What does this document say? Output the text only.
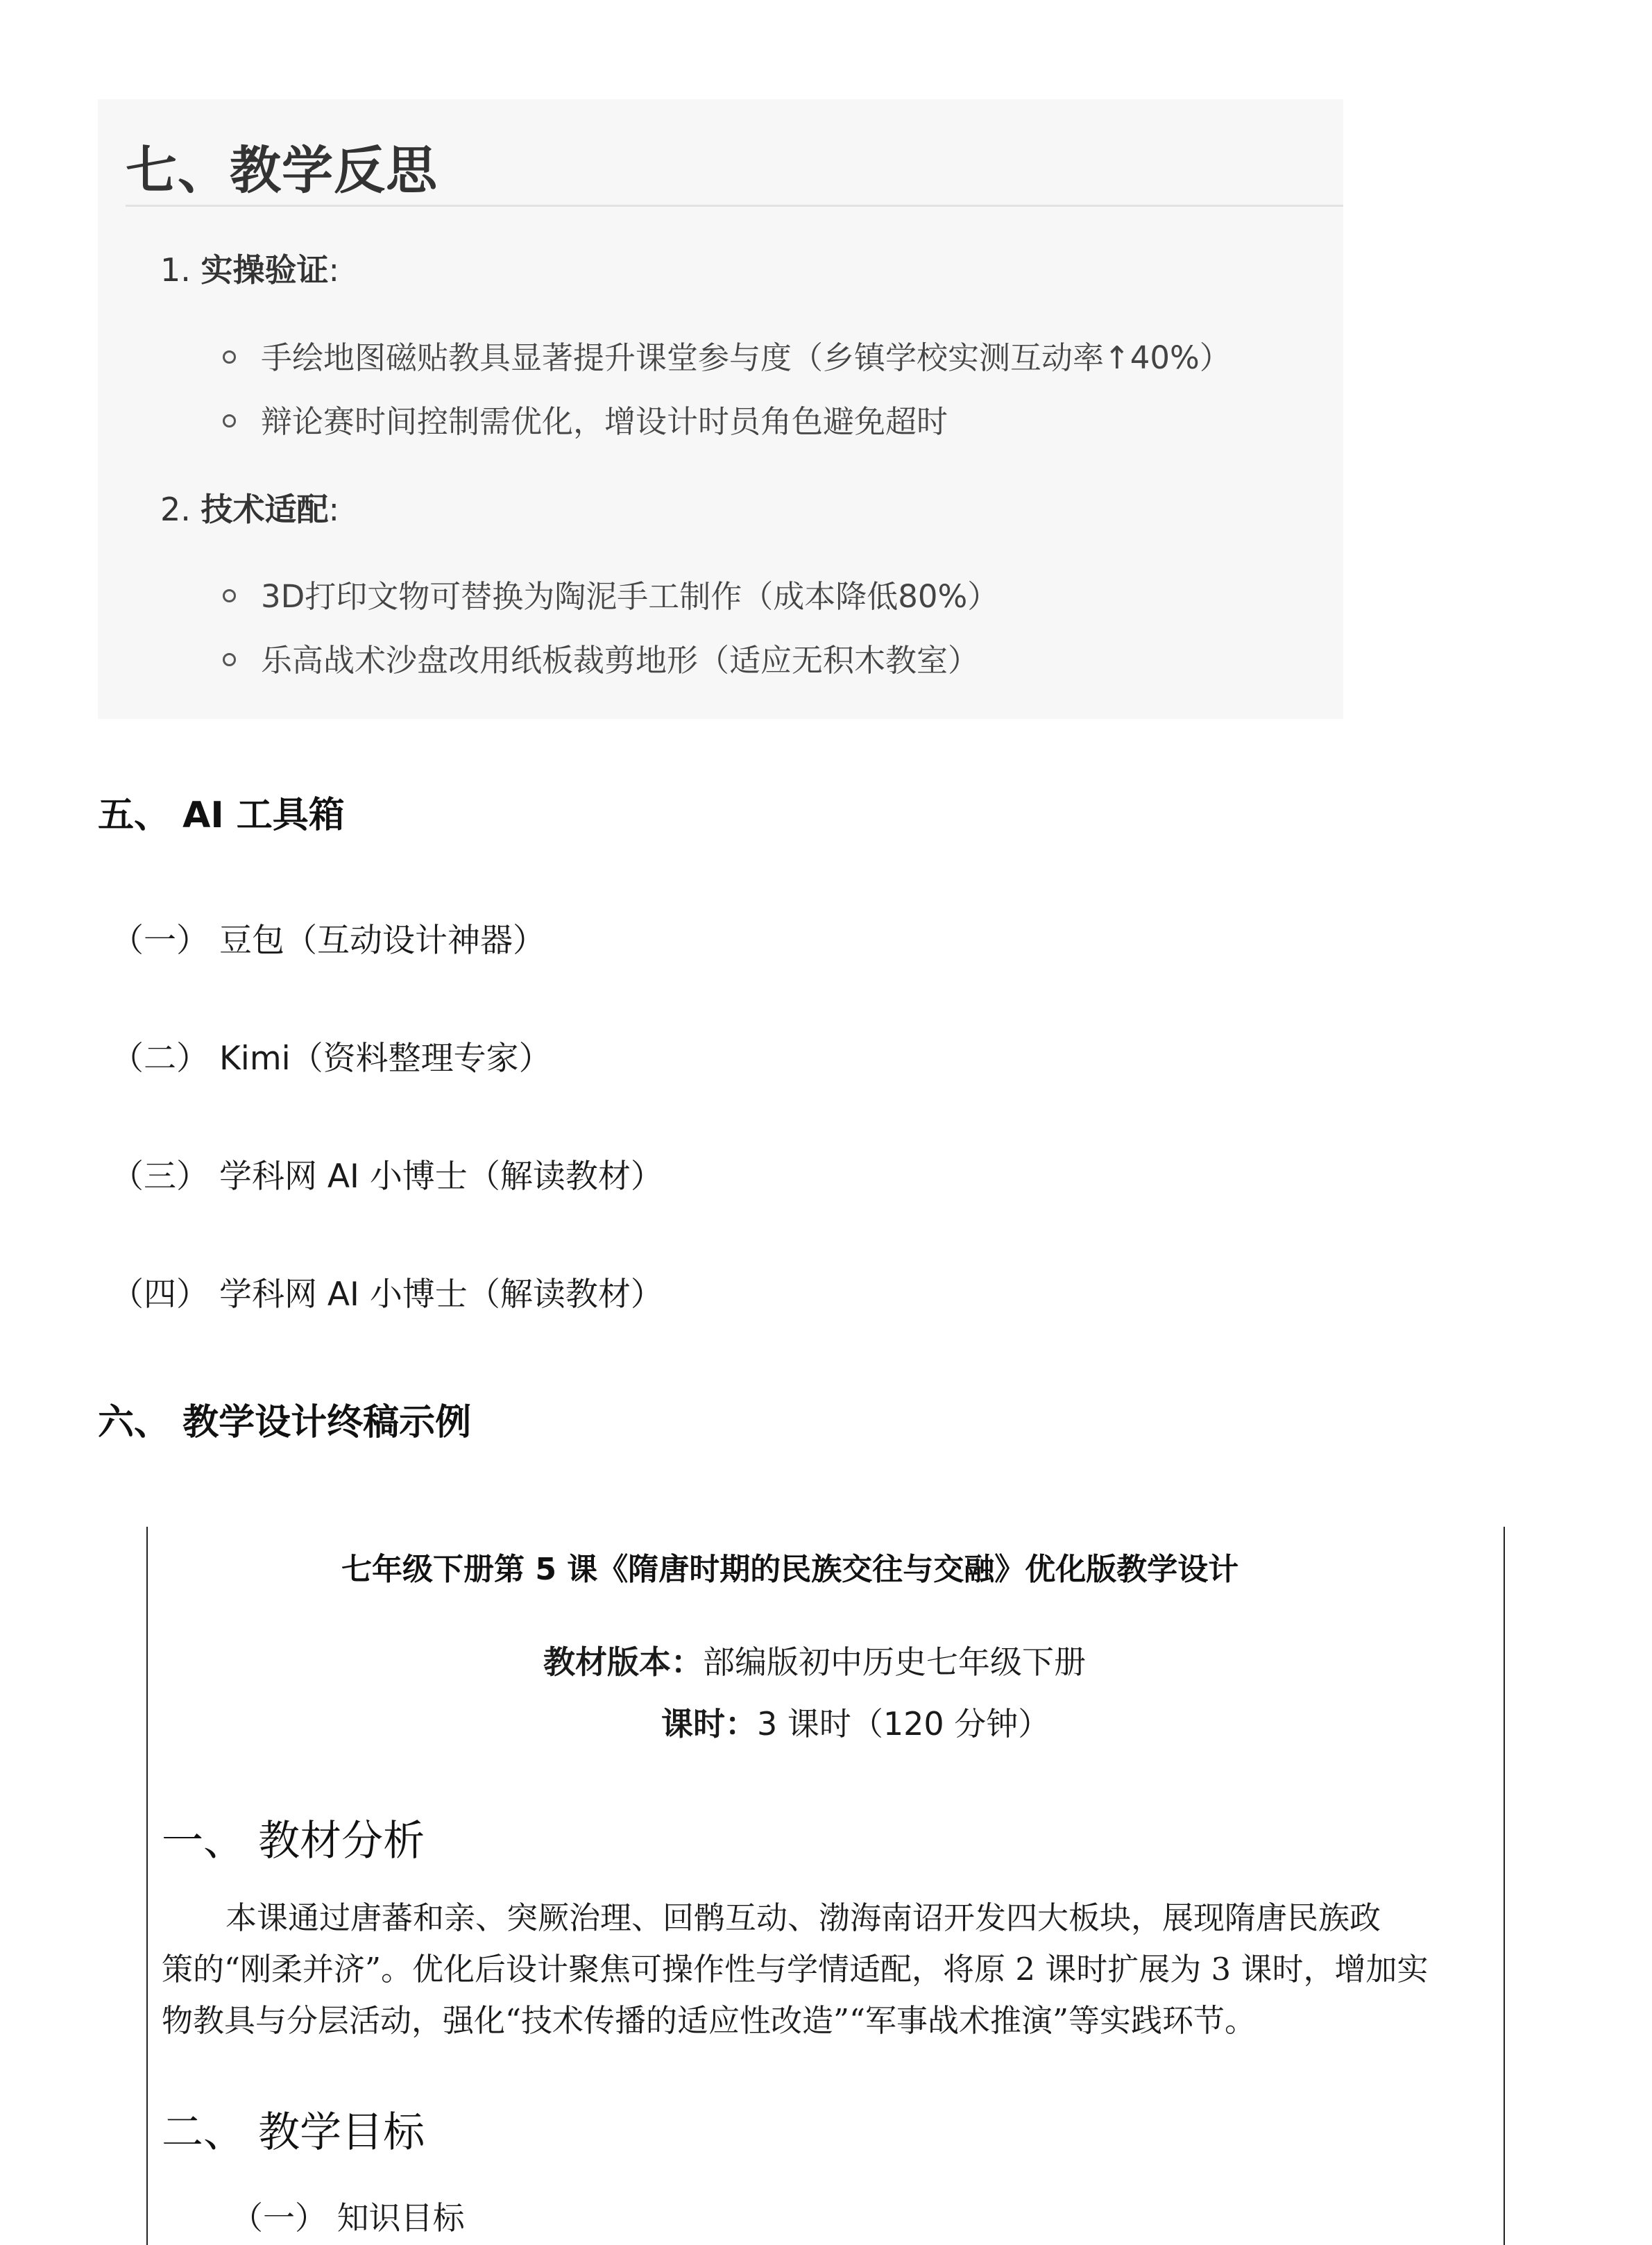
七、教学反思
1. 实操验证:
手绘地图磁贴教具显著提升课堂参与度（乡镇学校实测互动率↑40%）
辩论赛时间控制需优化，增设计时员角色避免超时
2. 技术适配:
3D打印文物可替换为陶泥手工制作（成本降低80%）
乐高战术沙盘改用纸板裁剪地形（适应无积木教室）
五、 AI 工具箱
（一） 豆包（互动设计神器）
（二） Kimi（资料整理专家）
（三） 学科网 AI 小博士（解读教材）
（四） 学科网 AI 小博士（解读教材）
六、 教学设计终稿示例
七年级下册第 5 课《隋唐时期的民族交往与交融》优化版教学设计
教材版本：部编版初中历史七年级下册
课时：3 课时（120 分钟）
一、 教材分析
本课通过唐蕃和亲、突厥治理、回鹘互动、渤海南诏开发四大板块，展现隋唐民族政
策的“刚柔并济”。优化后设计聚焦可操作性与学情适配，将原 2 课时扩展为 3 课时，增加实
物教具与分层活动，强化“技术传播的适应性改造”“军事战术推演”等实践环节。
二、 教学目标
（一） 知识目标
